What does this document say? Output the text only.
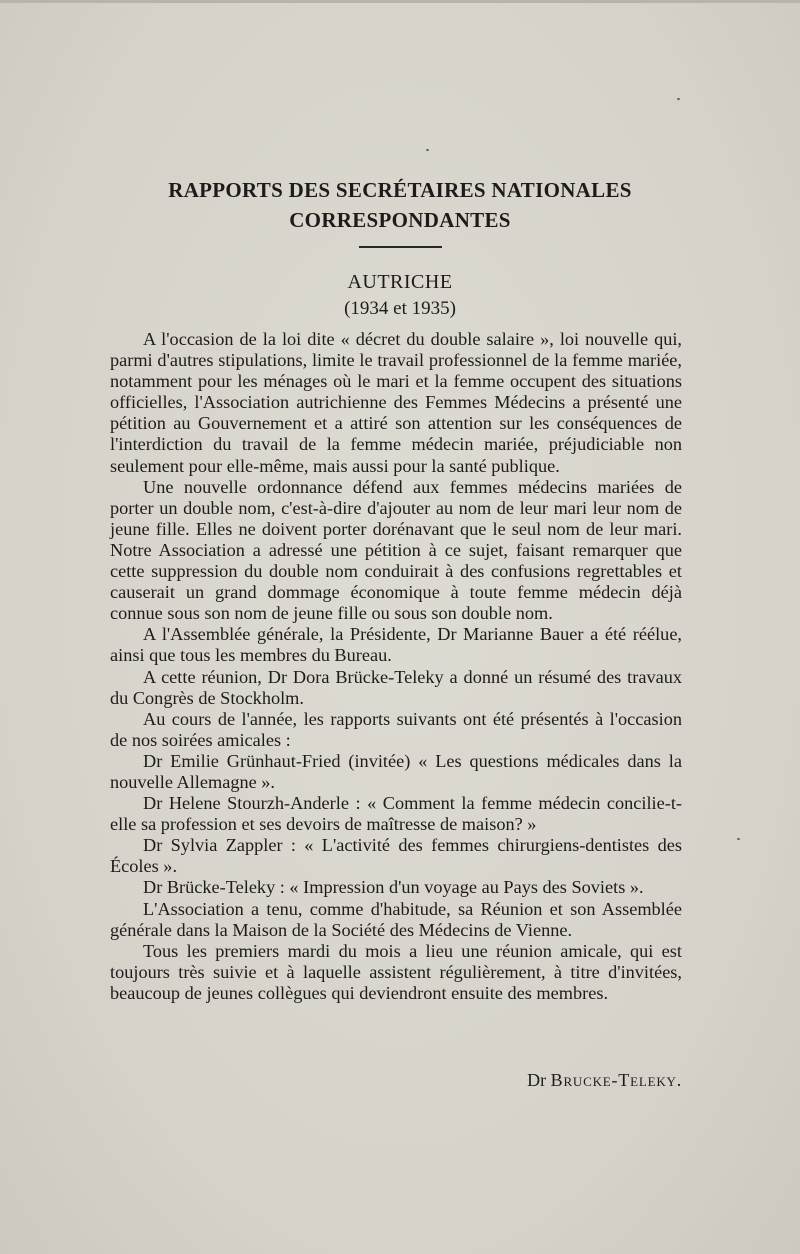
RAPPORTS DES SECRÉTAIRES NATIONALES
CORRESPONDANTES
AUTRICHE
(1934 et 1935)

A l'occasion de la loi dite « décret du double salaire », loi nouvelle qui, parmi d'autres stipulations, limite le travail professionnel de la femme mariée, notamment pour les ménages où le mari et la femme occupent des situations officielles, l'Association autrichienne des Femmes Médecins a présenté une pétition au Gouvernement et a attiré son attention sur les conséquences de l'interdiction du travail de la femme médecin mariée, préjudiciable non seulement pour elle-même, mais aussi pour la santé publique.

Une nouvelle ordonnance défend aux femmes médecins mariées de porter un double nom, c'est-à-dire d'ajouter au nom de leur mari leur nom de jeune fille. Elles ne doivent porter dorénavant que le seul nom de leur mari. Notre Association a adressé une pétition à ce sujet, faisant remarquer que cette suppression du double nom conduirait à des confusions regrettables et causerait un grand dommage économique à toute femme médecin déjà connue sous son nom de jeune fille ou sous son double nom.

A l'Assemblée générale, la Présidente, Dr Marianne Bauer a été réélue, ainsi que tous les membres du Bureau.

A cette réunion, Dr Dora Brücke-Teleky a donné un résumé des travaux du Congrès de Stockholm.

Au cours de l'année, les rapports suivants ont été présentés à l'occasion de nos soirées amicales :

Dr Emilie Grünhaut-Fried (invitée) « Les questions médicales dans la nouvelle Allemagne ».

Dr Helene Stourzh-Anderle : « Comment la femme médecin concilie-t-elle sa profession et ses devoirs de maîtresse de maison? »

Dr Sylvia Zappler : « L'activité des femmes chirurgiens-dentistes des Écoles ».

Dr Brücke-Teleky : « Impression d'un voyage au Pays des Soviets ».

L'Association a tenu, comme d'habitude, sa Réunion et son Assemblée générale dans la Maison de la Société des Médecins de Vienne.

Tous les premiers mardi du mois a lieu une réunion amicale, qui est toujours très suivie et à laquelle assistent régulièrement, à titre d'invitées, beaucoup de jeunes collègues qui deviendront ensuite des membres.

Dr Brucke-Teleky.
